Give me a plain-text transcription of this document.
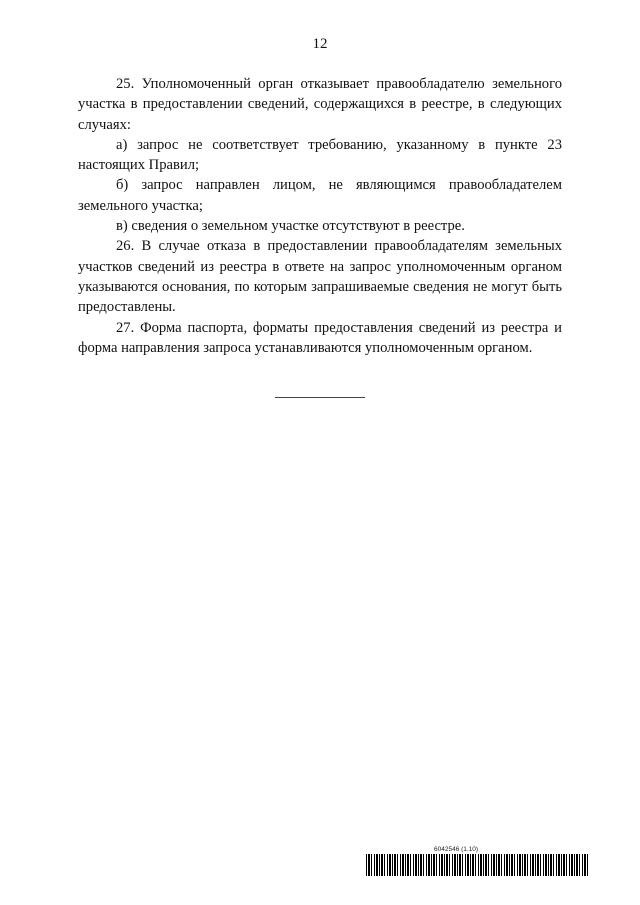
12

25. Уполномоченный орган отказывает правообладателю земельного участка в предоставлении сведений, содержащихся в реестре, в следующих случаях:

а) запрос не соответствует требованию, указанному в пункте 23 настоящих Правил;

б) запрос направлен лицом, не являющимся правообладателем земельного участка;

в) сведения о земельном участке отсутствуют в реестре.

26. В случае отказа в предоставлении правообладателям земельных участков сведений из реестра в ответе на запрос уполномоченным органом указываются основания, по которым запрашиваемые сведения не могут быть предоставлены.

27. Форма паспорта, форматы предоставления сведений из реестра и форма направления запроса устанавливаются уполномоченным органом.

6042546 (1.10)
